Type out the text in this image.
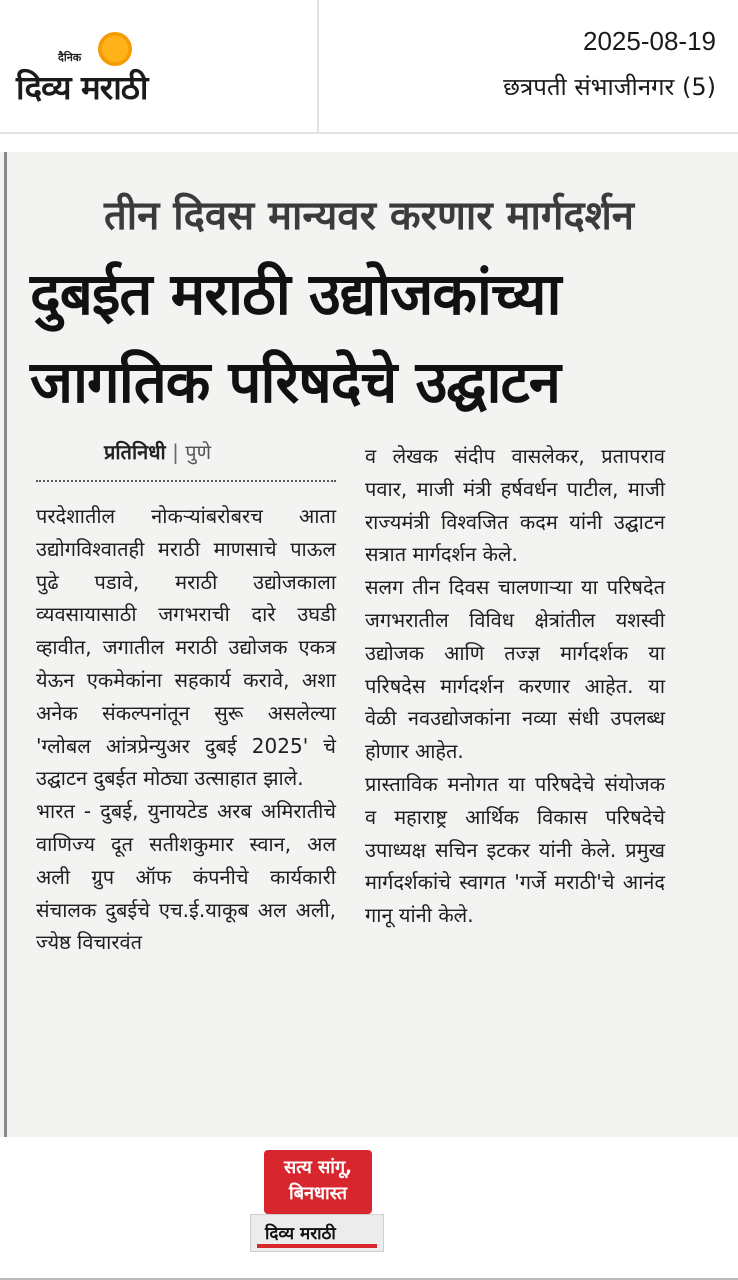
दैनिक
दिव्य मराठी
2025-08-19
छत्रपती संभाजीनगर (5)
तीन दिवस मान्यवर करणार मार्गदर्शन
दुबईत मराठी उद्योजकांच्या
जागतिक परिषदेचे उद्घाटन
प्रतिनिधी | पुणे

परदेशातील नोकऱ्यांबरोबरच आता उद्योगविश्वातही मराठी माणसाचे पाऊल पुढे पडावे, मराठी उद्योजकाला व्यवसायासाठी जगभराची दारे उघडी व्हावीत, जगातील मराठी उद्योजक एकत्र येऊन एकमेकांना सहकार्य करावे, अशा अनेक संकल्पनांतून सुरू असलेल्या 'ग्लोबल आंत्रप्रेन्युअर दुबई 2025' चे उद्घाटन दुबईत मोठ्या उत्साहात झाले.

भारत - दुबई, युनायटेड अरब अमिरातीचे वाणिज्य दूत सतीशकुमार स्वान, अल अली ग्रुप ऑफ कंपनीचे कार्यकारी संचालक दुबईचे एच.ई.याकूब अल अली, ज्येष्ठ विचारवंत

व लेखक संदीप वासलेकर, प्रतापराव पवार, माजी मंत्री हर्षवर्धन पाटील, माजी राज्यमंत्री विश्वजित कदम यांनी उद्घाटन सत्रात मार्गदर्शन केले.

सलग तीन दिवस चालणाऱ्या या परिषदेत जगभरातील विविध क्षेत्रांतील यशस्वी उद्योजक आणि तज्ज्ञ मार्गदर्शक या परिषदेस मार्गदर्शन करणार आहेत. या वेळी नवउद्योजकांना नव्या संधी उपलब्ध होणार आहेत.

प्रास्ताविक मनोगत या परिषदेचे संयोजक व महाराष्ट्र आर्थिक विकास परिषदेचे उपाध्यक्ष सचिन इटकर यांनी केले. प्रमुख मार्गदर्शकांचे स्वागत 'गर्जे मराठी'चे आनंद गानू यांनी केले.

सत्य सांगू,
बिनधास्त
दिव्य मराठी
